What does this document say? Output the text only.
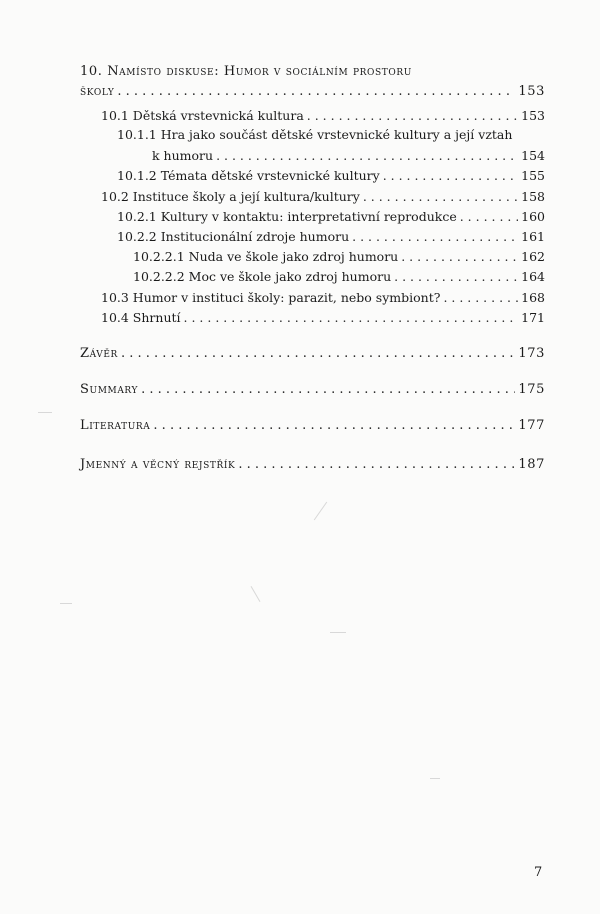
10. Namísto diskuse: Humor v sociálním prostoru
školy . . .	153
10.1 Dětská vrstevnická kultura . . .	153
10.1.1 Hra jako součást dětské vrstevnické kultury a její vztah
k humoru . . .	154
10.1.2 Témata dětské vrstevnické kultury . . .	155
10.2 Instituce školy a její kultura/kultury . . .	158
10.2.1 Kultury v kontaktu: interpretativní reprodukce . . .	160
10.2.2 Institucionální zdroje humoru . . .	161
10.2.2.1 Nuda ve škole jako zdroj humoru . . .	162
10.2.2.2 Moc ve škole jako zdroj humoru . . .	164
10.3 Humor v instituci školy: parazit, nebo symbiont? . . .	168
10.4 Shrnutí . . .	171
Závěr . . .	173
Summary . . .	175
Literatura . . .	177
Jmenný a věcný rejstřík . . .	187
7
